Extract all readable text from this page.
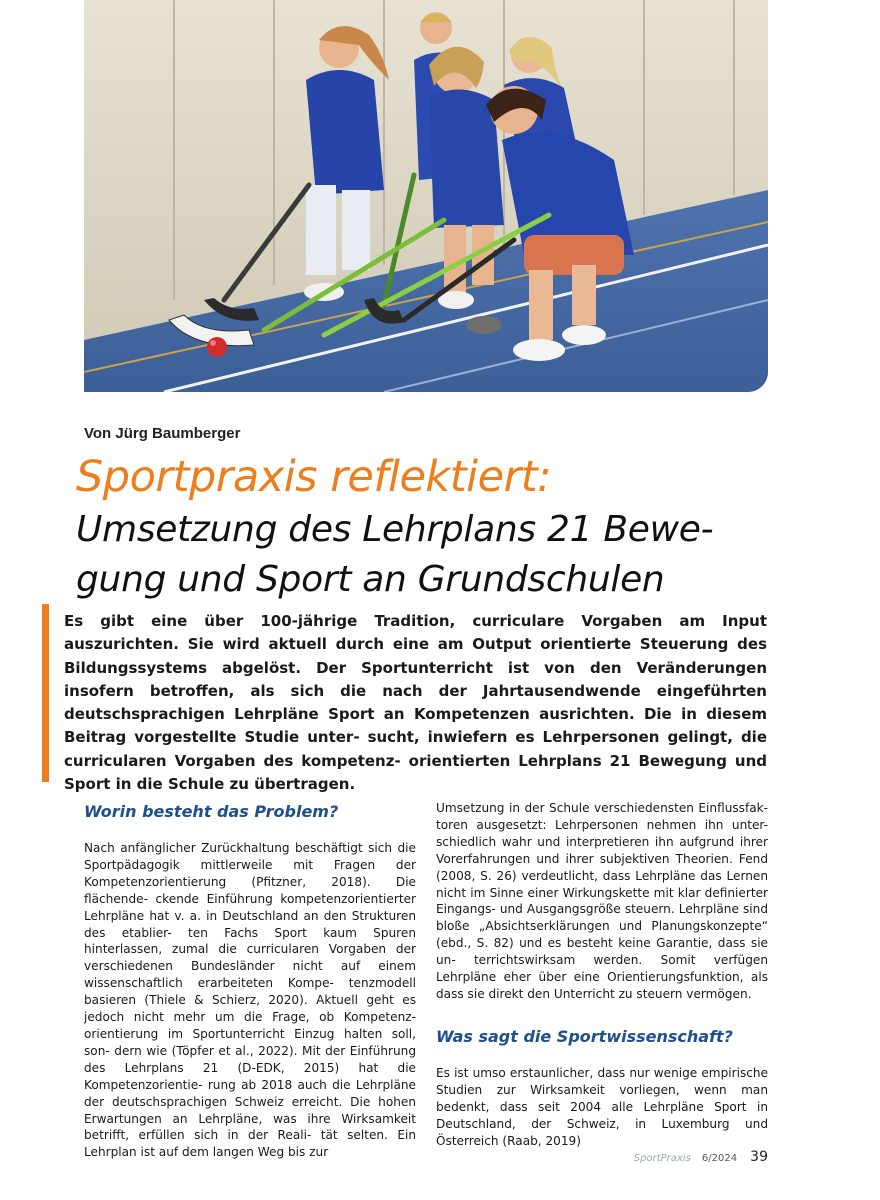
Von Jürg Baumberger
Sportpraxis reflektiert:
Umsetzung des Lehrplans 21 Bewe- gung und Sport an Grundschulen
Es gibt eine über 100-jährige Tradition, curriculare Vorgaben am Input auszurichten. Sie wird aktuell durch eine am Output orientierte Steuerung des Bildungssystems abgelöst. Der Sportunterricht ist von den Veränderungen insofern betroffen, als sich die nach der Jahrtausendwende eingeführten deutschsprachigen Lehrpläne Sport an Kompetenzen ausrichten. Die in diesem Beitrag vorgestellte Studie unter- sucht, inwiefern es Lehrpersonen gelingt, die curricularen Vorgaben des kompetenz- orientierten Lehrplans 21 Bewegung und Sport in die Schule zu übertragen.
Worin besteht das Problem?

Nach anfänglicher Zurückhaltung beschäftigt sich die Sportpädagogik mittlerweile mit Fragen der Kompetenzorientierung (Pfitzner, 2018). Die flächende- ckende Einführung kompetenzorientierter Lehrpläne hat v. a. in Deutschland an den Strukturen des etablier- ten Fachs Sport kaum Spuren hinterlassen, zumal die curricularen Vorgaben der verschiedenen Bundesländer nicht auf einem wissenschaftlich erarbeiteten Kompe- tenzmodell basieren (Thiele & Schierz, 2020). Aktuell geht es jedoch nicht mehr um die Frage, ob Kompetenz- orientierung im Sportunterricht Einzug halten soll, son- dern wie (Töpfer et al., 2022). Mit der Einführung des Lehrplans 21 (D-EDK, 2015) hat die Kompetenzorientie- rung ab 2018 auch die Lehrpläne der deutschsprachigen Schweiz erreicht. Die hohen Erwartungen an Lehrpläne, was ihre Wirksamkeit betrifft, erfüllen sich in der Reali- tät selten. Ein Lehrplan ist auf dem langen Weg bis zur

Umsetzung in der Schule verschiedensten Einflussfak- toren ausgesetzt: Lehrpersonen nehmen ihn unter- schiedlich wahr und interpretieren ihn aufgrund ihrer Vorerfahrungen und ihrer subjektiven Theorien. Fend (2008, S. 26) verdeutlicht, dass Lehrpläne das Lernen nicht im Sinne einer Wirkungskette mit klar definierter Eingangs- und Ausgangsgröße steuern. Lehrpläne sind bloße „Absichtserklärungen und Planungskonzepte“ (ebd., S. 82) und es besteht keine Garantie, dass sie un- terrichtswirksam werden. Somit verfügen Lehrpläne eher über eine Orientierungsfunktion, als dass sie direkt den Unterricht zu steuern vermögen.

Was sagt die Sportwissenschaft?

Es ist umso erstaunlicher, dass nur wenige empirische Studien zur Wirksamkeit vorliegen, wenn man bedenkt, dass seit 2004 alle Lehrpläne Sport in Deutschland, der Schweiz, in Luxemburg und Österreich (Raab, 2019)

SportPraxis 6/2024 39
